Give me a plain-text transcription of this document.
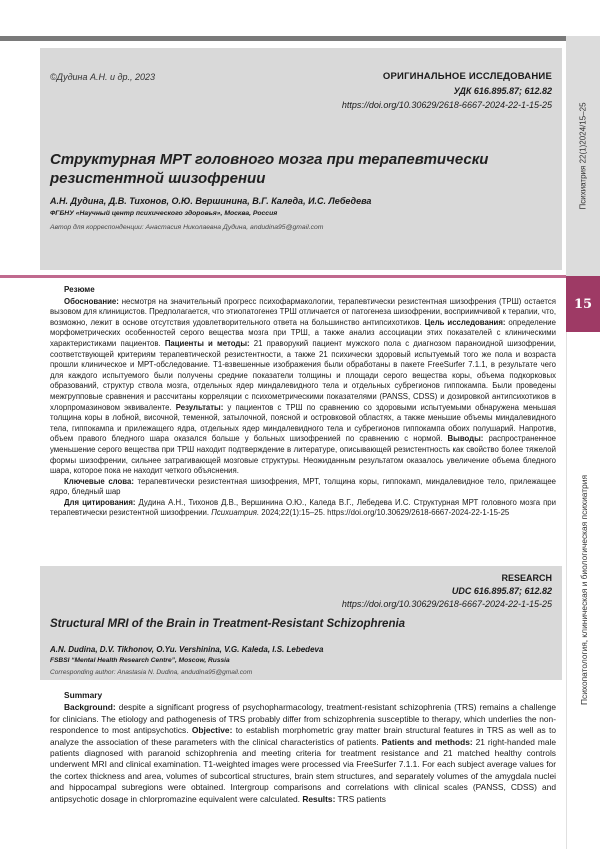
©Дудина А.Н. и др., 2023	ОРИГИНАЛЬНОЕ ИССЛЕДОВАНИЕ
УДК 616.895.87; 612.82
https://doi.org/10.30629/2618-6667-2024-22-1-15-25
Структурная МРТ головного мозга при терапевтически резистентной шизофрении
А.Н. Дудина, Д.В. Тихонов, О.Ю. Вершинина, В.Г. Каледа, И.С. Лебедева
ФГБНУ «Научный центр психического здоровья», Москва, Россия
Автор для корреспонденции: Анастасия Николаевна Дудина, andudina95@gmail.com
Психиатрия 22(1)2024/15–25
15
Психопатология, клиническая и биологическая психиатрия
Резюме

Обоснование: несмотря на значительный прогресс психофармакологии, терапевтически резистентная шизофрения (ТРШ) остается вызовом для клиницистов. Предполагается, что этиопатогенез ТРШ отличается от патогенеза шизофрении, восприимчивой к терапии, что, возможно, лежит в основе отсутствия удовлетворительного ответа на большинство антипсихотиков. Цель исследования: определение морфометрических особенностей серого вещества мозга при ТРШ, а также анализ ассоциации этих показателей с клиническими характеристиками пациентов. Пациенты и методы: 21 праворукий пациент мужского пола с диагнозом параноидной шизофрении, соответствующей критериям терапевтической резистентности, а также 21 психически здоровый испытуемый того же пола и возраста прошли клиническое и МРТ-обследование. Т1-взвешенные изображения были обработаны в пакете FreeSurfer 7.1.1, в результате чего для каждого испытуемого были получены средние показатели толщины и площади серого вещества коры, объема подкорковых образований, структур ствола мозга, отдельных ядер миндалевидного тела и отдельных субрегионов гиппокампа. Были проведены межгрупповые сравнения и рассчитаны корреляции с психометрическими показателями (PANSS, CDSS) и дозировкой антипсихотиков в хлорпромазиновом эквиваленте. Результаты: у пациентов с ТРШ по сравнению со здоровыми испытуемыми обнаружена меньшая толщина коры в лобной, височной, теменной, затылочной, поясной и островковой областях, а также меньшие объемы миндалевидного тела, гиппокампа и прилежащего ядра, отдельных ядер миндалевидного тела и субрегионов гиппокампа обоих полушарий. Напротив, объем правого бледного шара оказался больше у больных шизофренией по сравнению с нормой. Выводы: распространенное уменьшение серого вещества при ТРШ находит подтверждение в литературе, описывающей резистентность как свойство более тяжелой формы шизофрении, сильнее затрагивающей мозговые структуры. Неожиданным результатом оказалось увеличение объема бледного шара, которое пока не находит четкого объяснения.

Ключевые слова: терапевтически резистентная шизофрения, МРТ, толщина коры, гиппокамп, миндалевидное тело, прилежащее ядро, бледный шар

Для цитирования: Дудина А.Н., Тихонов Д.В., Вершинина О.Ю., Каледа В.Г., Лебедева И.С. Структурная МРТ головного мозга при терапевтически резистентной шизофрении. Психиатрия. 2024;22(1):15–25. https://doi.org/10.30629/2618-6667-2024-22-1-15-25

RESEARCH
UDC 616.895.87; 612.82
https://doi.org/10.30629/2618-6667-2024-22-1-15-25
Structural MRI of the Brain in Treatment-Resistant Schizophrenia
A.N. Dudina, D.V. Tikhonov, O.Yu. Vershinina, V.G. Kaleda, I.S. Lebedeva
FSBSI “Mental Health Research Centre”, Moscow, Russia
Corresponding author: Anastasia N. Dudina, andudina95@gmail.com
Summary

Background: despite a significant progress of psychopharmacology, treatment-resistant schizophrenia (TRS) remains a challenge for clinicians. The etiology and pathogenesis of TRS probably differ from schizophrenia susceptible to therapy, which underlies the non-respondence to most antipsychotics. Objective: to establish morphometric gray matter brain structural features in TRS as well as to analyze the association of these parameters with the clinical characteristics of patients. Patients and methods: 21 right-handed male patients diagnosed with paranoid schizophrenia and meeting criteria for treatment resistance and 21 matched healthy controls underwent MRI and clinical examination. T1-weighted images were processed via FreeSurfer 7.1.1. For each subject average values for the cortex thickness and area, volumes of subcortical structures, brain stem structures, and separately volumes of the amygdala nuclei and hippocampal subregions were obtained. Intergroup comparisons and correlations with clinical scales (PANSS, CDSS) and antipsychotic dosage in chlorpromazine equivalent were calculated. Results: TRS patients
